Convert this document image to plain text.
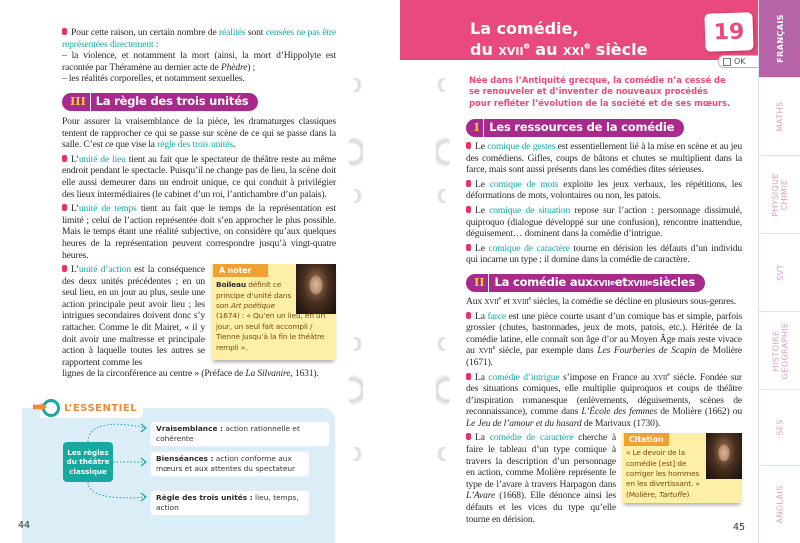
Pour cette raison, un certain nombre de réalités sont censées ne pas être représentées directement :
– la violence, et notamment la mort (ainsi, la mort d’Hippolyte est racontée par Théramène au dernier acte de Phèdre) ;
– les réalités corporelles, et notamment sexuelles.
III La règle des trois unités
Pour assurer la vraisemblance de la pièce, les dramaturges classiques tentent de rapprocher ce qui se passe sur scène de ce qui se passe dans la salle. C’est ce que vise la règle des trois unités.
L’unité de lieu tient au fait que le spectateur de théâtre reste au même endroit pendant le spectacle. Puisqu’il ne change pas de lieu, la scène doit elle aussi demeurer dans un endroit unique, ce qui conduit à privilégier des lieux intermédiaires (le cabinet d’un roi, l’antichambre d’un palais).
L’unité de temps tient au fait que le temps de la représentation est limité ; celui de l’action représentée doit s’en approcher le plus possible. Mais le temps étant une réalité subjective, on considère qu’aux quelques heures de la représentation peuvent correspondre jusqu’à vingt-quatre heures.
L’unité d’action est la conséquence des deux unités précédentes ; en un seul lieu, en un jour au plus, seule une action principale peut avoir lieu ; les intrigues secondaires doivent donc s’y rattacher. Comme le dit Mairet, « il y doit avoir une maîtresse et principale action à laquelle toutes les autres se rapportent comme les
À noter
Boileau définit ce principe d’unité dans son Art poétique
(1674) : « Qu’en un lieu, en un jour, un seul fait accompli / Tienne jusqu’à la fin le théâtre rempli ».
lignes de la circonférence au centre » (Préface de La Silvanire, 1631).
L’ESSENTIEL
Les règles du théâtre classique
Vraisemblance : action rationnelle et cohérente
Bienséances : action conforme aux mœurs et aux attentes du spectateur
Règle des trois unités : lieu, temps, action
44
La comédie,
du xvii$^e$ au xxi$^e$ siècle
19
OK
Née dans l’Antiquité grecque, la comédie n’a cessé de se renouveler et d’inventer de nouveaux procédés pour refléter l’évolution de la société et de ses mœurs.
I Les ressources de la comédie
Le comique de gestes est essentiellement lié à la mise en scène et au jeu des comédiens. Gifles, coups de bâtons et chutes se multiplient dans la farce, mais sont aussi présents dans les comédies dites sérieuses.
Le comique de mots exploite les jeux verbaux, les répétitions, les déformations de mots, volontaires ou non, les patois.
Le comique de situation repose sur l’action : personnage dissimulé, quiproquo (dialogue développé sur une confusion), rencontre inattendue, déguisement… dominent dans la comédie d’intrigue.
Le comique de caractère tourne en dérision les défauts d’un individu qui incarne un type ; il domine dans la comédie de caractère.
II La comédie aux xvii e et xviii e siècles
Aux xvii$^e$ et xviii$^e$ siècles, la comédie se décline en plusieurs sous-genres.
La farce est une pièce courte usant d’un comique bas et simple, parfois grossier (chutes, bastonnades, jeux de mots, patois, etc.). Héritée de la comédie latine, elle connaît son âge d’or au Moyen Âge mais reste vivace au xvii$^e$ siècle, par exemple dans Les Fourberies de Scapin de Molière (1671).
La comédie d’intrigue s’impose en France au xvii$^e$ siècle. Fondée sur des situations comiques, elle multiplie quiproquos et coups de théâtre d’inspiration romanesque (enlèvements, déguisements, scènes de reconnaissance), comme dans L’École des femmes de Molière (1662) ou Le Jeu de l’amour et du hasard de Marivaux (1730).
La comédie de caractère cherche à faire le tableau d’un type comique à travers la description d’un personnage en action, comme Molière représente le type de l’avare à travers Harpagon dans L’Avare (1668). Elle dénonce ainsi les défauts et les vices du type qu’elle tourne en dérision.
Citation
« Le devoir de la comédie [est] de corriger les hommes en les divertissant. »
(Molière, Tartuffe)
45
FRANÇAIS
MATHS
PHYSIQUE CHIMIE
SVT
HISTOIRE GÉOGRAPHIE
SES
ANGLAIS
